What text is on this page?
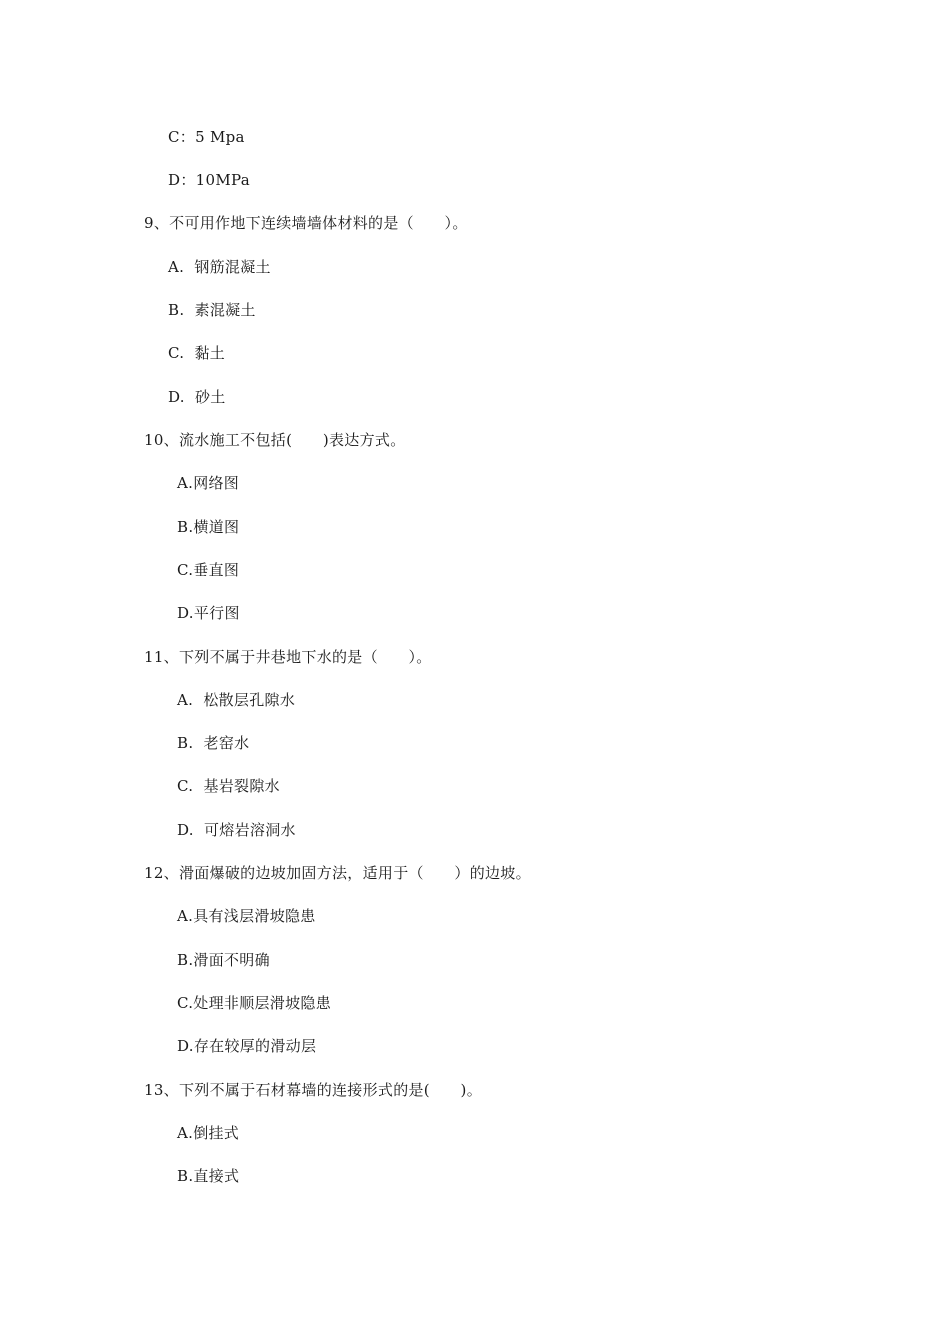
C：5 Mpa
D：10MPa
9、不可用作地下连续墙墙体材料的是（　　）。
A.  钢筋混凝土
B.  素混凝土
C.  黏土
D.  砂土
10、流水施工不包括(　　)表达方式。
A.网络图
B.横道图
C.垂直图
D.平行图
11、下列不属于井巷地下水的是（　　）。
A.  松散层孔隙水
B.  老窑水
C.  基岩裂隙水
D.  可熔岩溶洞水
12、滑面爆破的边坡加固方法，适用于（　　）的边坡。
A.具有浅层滑坡隐患
B.滑面不明确
C.处理非顺层滑坡隐患
D.存在较厚的滑动层
13、下列不属于石材幕墙的连接形式的是(　　)。
A.倒挂式
B.直接式
